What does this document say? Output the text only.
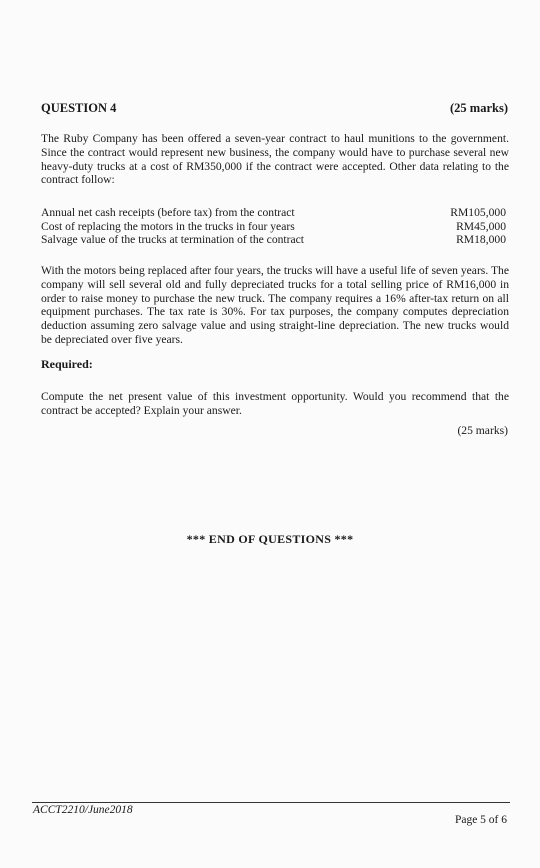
QUESTION 4	(25 marks)
The Ruby Company has been offered a seven-year contract to haul munitions to the government. Since the contract would represent new business, the company would have to purchase several new heavy-duty trucks at a cost of RM350,000 if the contract were accepted. Other data relating to the contract follow:
Annual net cash receipts (before tax) from the contract	RM105,000
Cost of replacing the motors in the trucks in four years	RM45,000
Salvage value of the trucks at termination of the contract	RM18,000
With the motors being replaced after four years, the trucks will have a useful life of seven years. The company will sell several old and fully depreciated trucks for a total selling price of RM16,000 in order to raise money to purchase the new truck. The company requires a 16% after-tax return on all equipment purchases. The tax rate is 30%. For tax purposes, the company computes depreciation deduction assuming zero salvage value and using straight-line depreciation. The new trucks would be depreciated over five years.
Required:
Compute the net present value of this investment opportunity. Would you recommend that the contract be accepted? Explain your answer.
(25 marks)
*** END OF QUESTIONS ***
ACCT2210/June2018
Page 5 of 6
